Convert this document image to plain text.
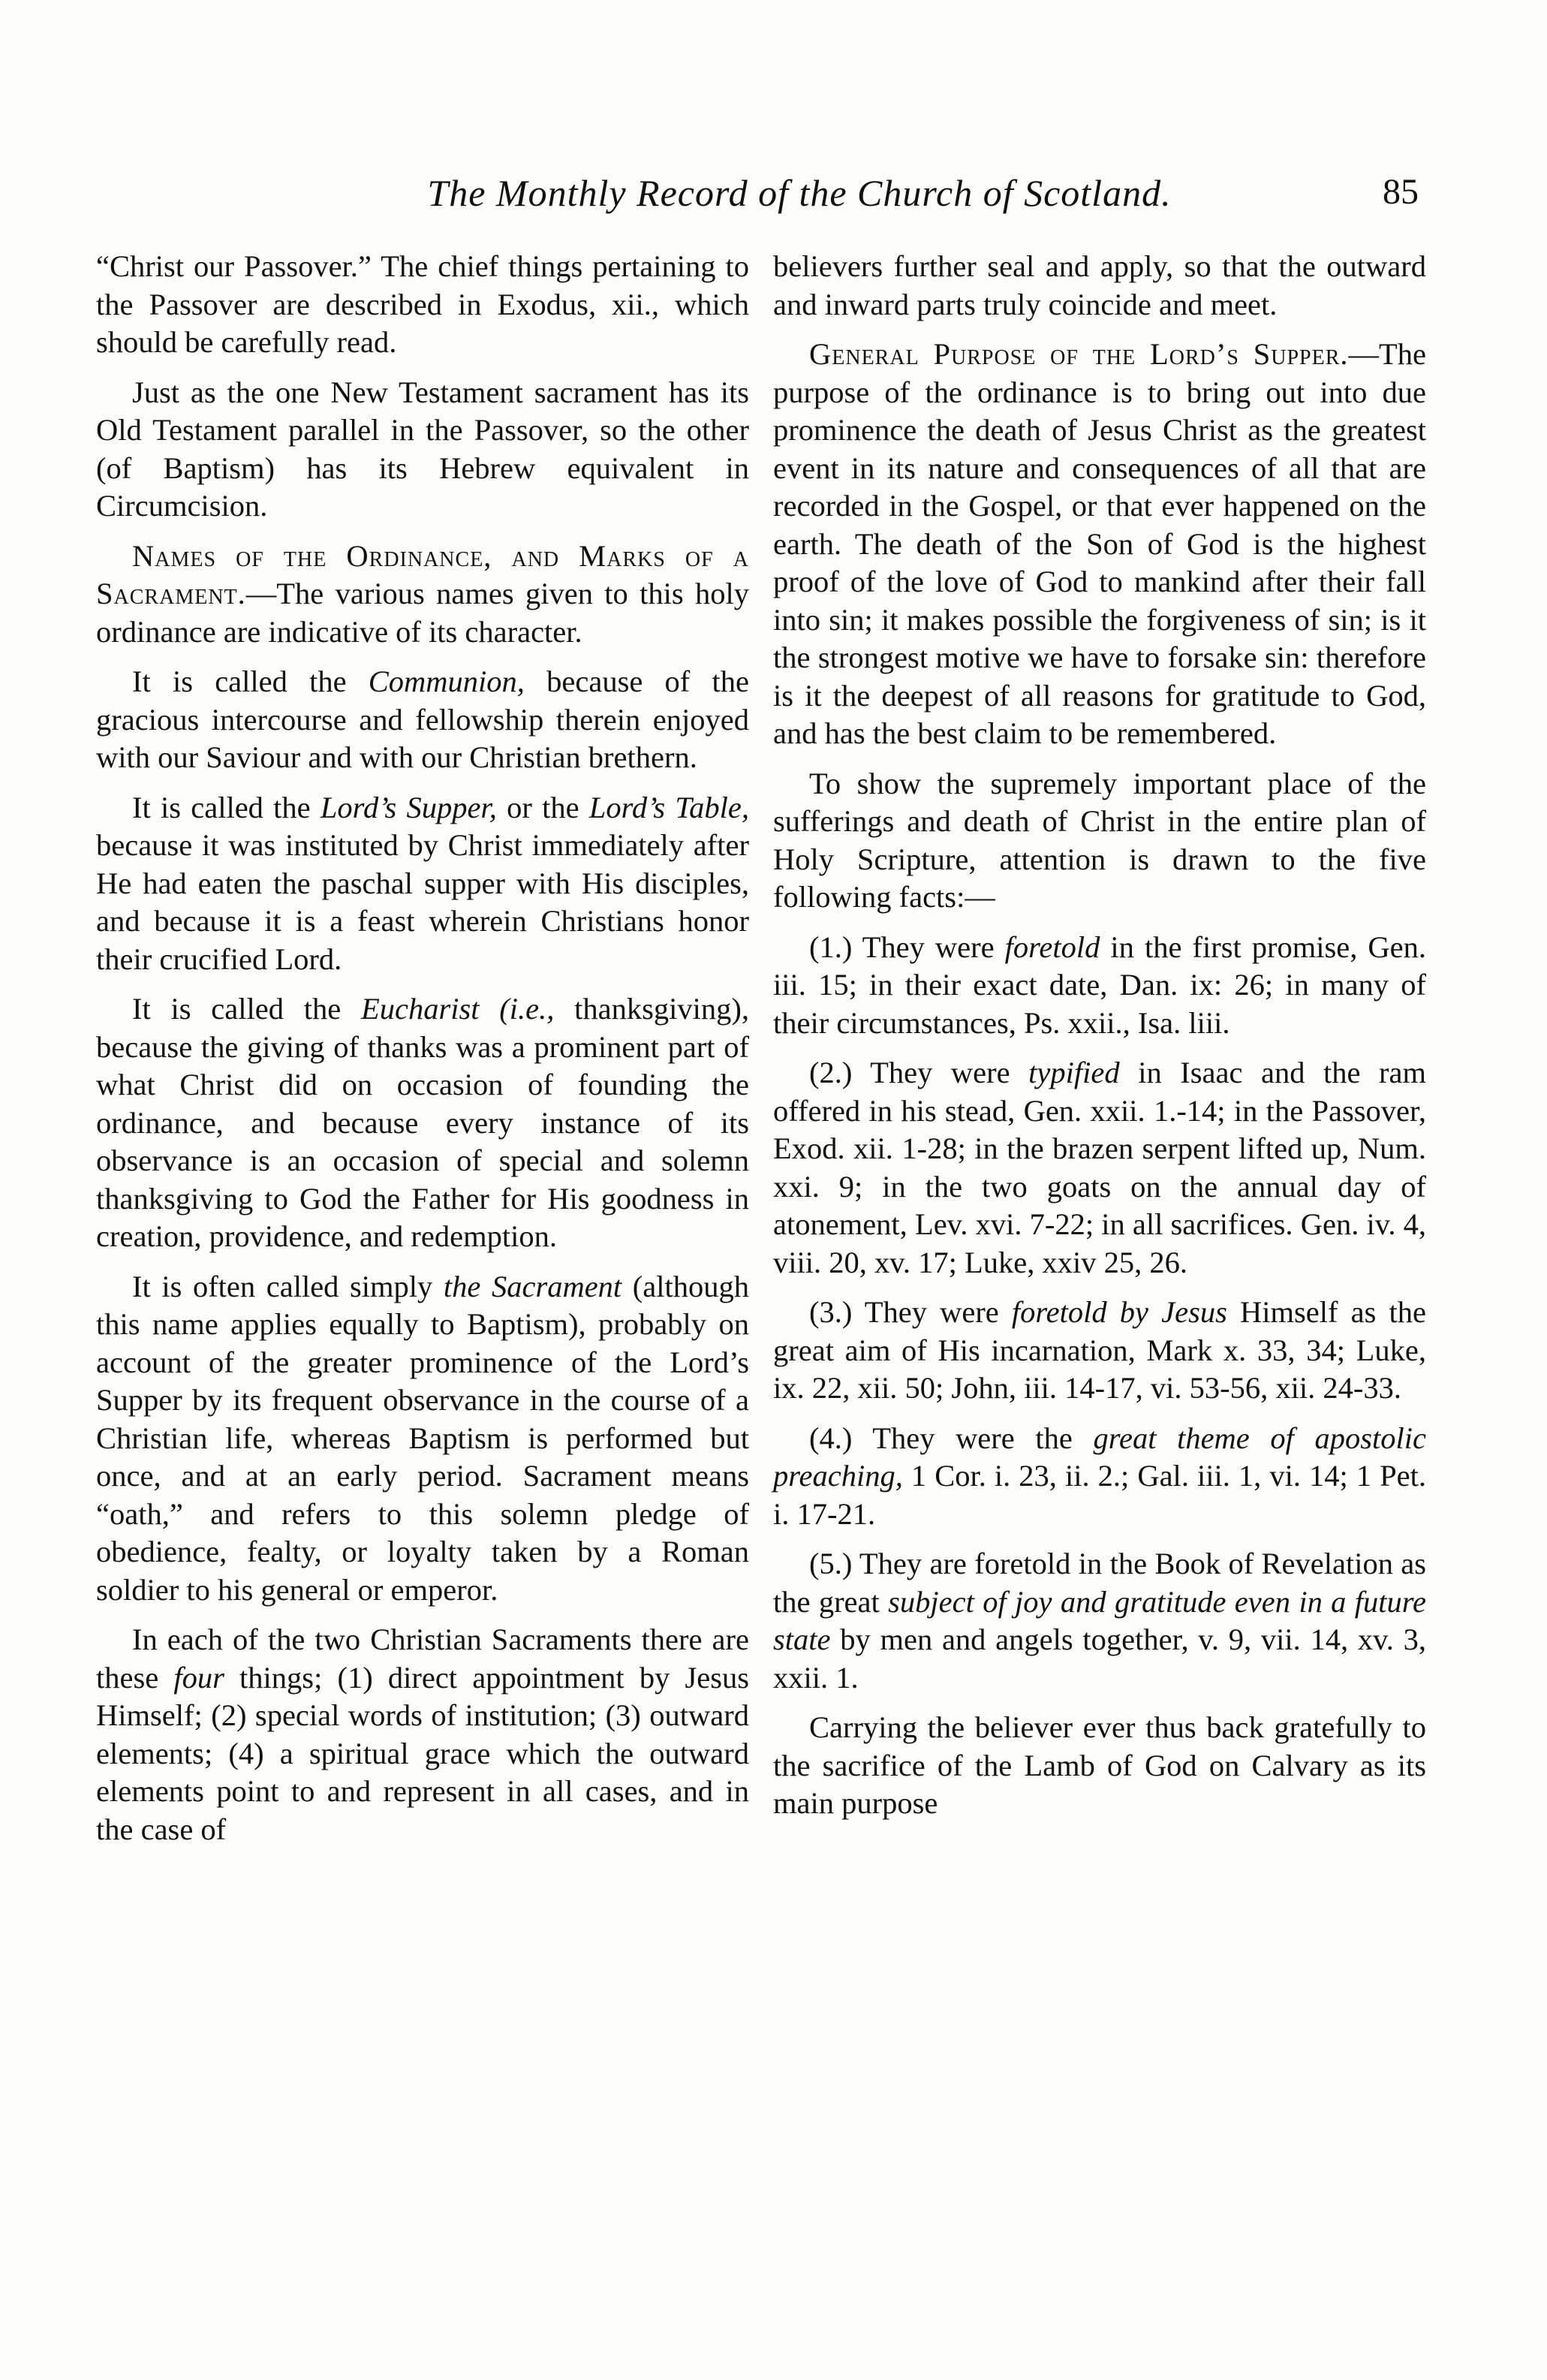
The Monthly Record of the Church of Scotland.	85

“Christ our Passover.” The chief things pertaining to the Passover are described in Exodus, xii., which should be carefully read.

Just as the one New Testament sacrament has its Old Testament parallel in the Passover, so the other (of Baptism) has its Hebrew equivalent in Circumcision.

Names of the Ordinance, and Marks of a Sacrament.—The various names given to this holy ordinance are indicative of its character.

It is called the Communion, because of the gracious intercourse and fellowship therein enjoyed with our Saviour and with our Christian brethern.

It is called the Lord’s Supper, or the Lord’s Table, because it was instituted by Christ immediately after He had eaten the paschal supper with His disciples, and because it is a feast wherein Christians honor their crucified Lord.

It is called the Eucharist (i.e., thanksgiving), because the giving of thanks was a prominent part of what Christ did on occasion of founding the ordinance, and because every instance of its observance is an occasion of special and solemn thanksgiving to God the Father for His goodness in creation, providence, and redemption.

It is often called simply the Sacrament (although this name applies equally to Baptism), probably on account of the greater prominence of the Lord’s Supper by its frequent observance in the course of a Christian life, whereas Baptism is performed but once, and at an early period. Sacrament means “oath,” and refers to this solemn pledge of obedience, fealty, or loyalty taken by a Roman soldier to his general or emperor.

In each of the two Christian Sacraments there are these four things; (1) direct appointment by Jesus Himself; (2) special words of institution; (3) outward elements; (4) a spiritual grace which the outward elements point to and represent in all cases, and in the case of

believers further seal and apply, so that the outward and inward parts truly coincide and meet.

General Purpose of the Lord’s Supper.—The purpose of the ordinance is to bring out into due prominence the death of Jesus Christ as the greatest event in its nature and consequences of all that are recorded in the Gospel, or that ever happened on the earth. The death of the Son of God is the highest proof of the love of God to mankind after their fall into sin; it makes possible the forgiveness of sin; is it the strongest motive we have to forsake sin: therefore is it the deepest of all reasons for gratitude to God, and has the best claim to be remembered.

To show the supremely important place of the sufferings and death of Christ in the entire plan of Holy Scripture, attention is drawn to the five following facts:—

(1.) They were foretold in the first promise, Gen. iii. 15; in their exact date, Dan. ix: 26; in many of their circumstances, Ps. xxii., Isa. liii.

(2.) They were typified in Isaac and the ram offered in his stead, Gen. xxii. 1.-14; in the Passover, Exod. xii. 1-28; in the brazen serpent lifted up, Num. xxi. 9; in the two goats on the annual day of atonement, Lev. xvi. 7-22; in all sacrifices. Gen. iv. 4, viii. 20, xv. 17; Luke, xxiv 25, 26.

(3.) They were foretold by Jesus Himself as the great aim of His incarnation, Mark x. 33, 34; Luke, ix. 22, xii. 50; John, iii. 14-17, vi. 53-56, xii. 24-33.

(4.) They were the great theme of apostolic preaching, 1 Cor. i. 23, ii. 2.; Gal. iii. 1, vi. 14; 1 Pet. i. 17-21.

(5.) They are foretold in the Book of Revelation as the great subject of joy and gratitude even in a future state by men and angels together, v. 9, vii. 14, xv. 3, xxii. 1.

Carrying the believer ever thus back gratefully to the sacrifice of the Lamb of God on Calvary as its main purpose
